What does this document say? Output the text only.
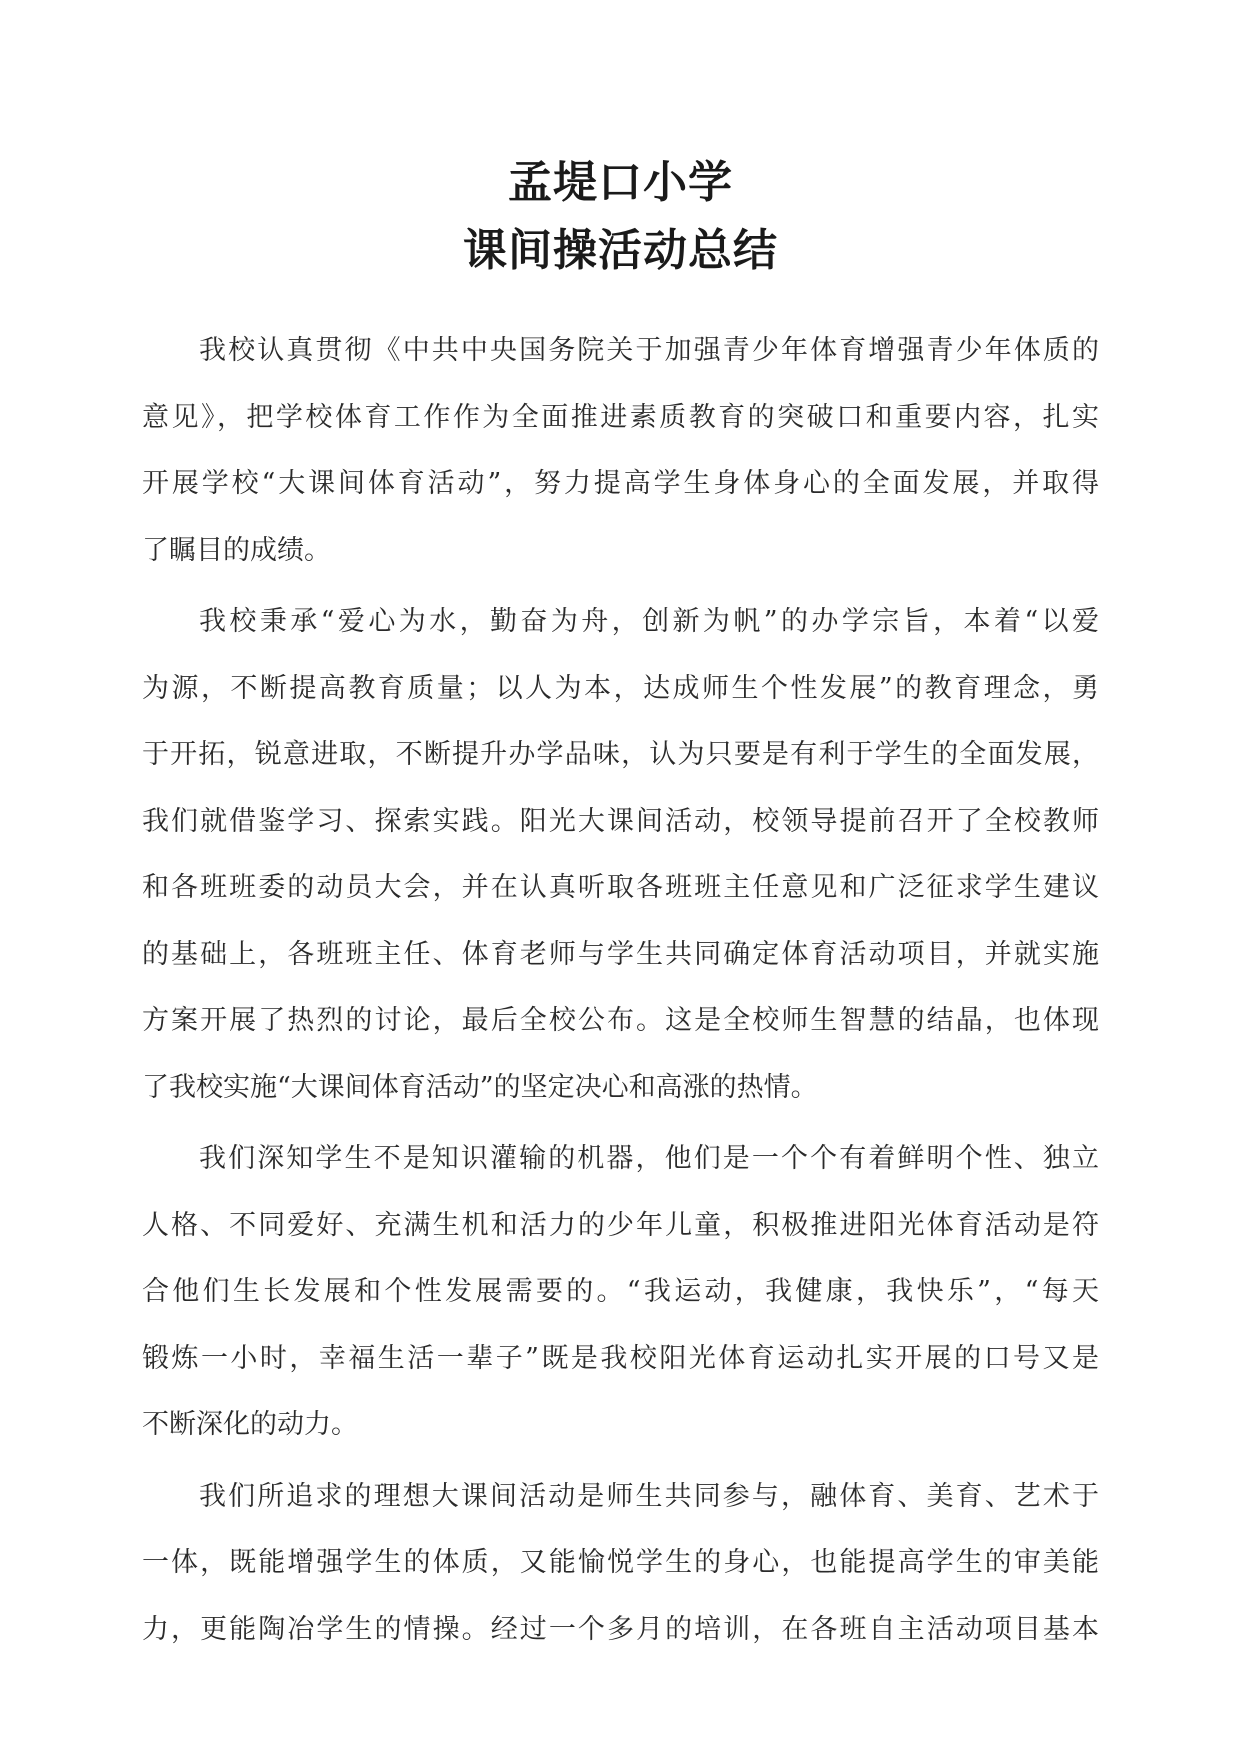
孟堤口小学
课间操活动总结
我校认真贯彻《中共中央国务院关于加强青少年体育增强青少年体质的
意见》，把学校体育工作作为全面推进素质教育的突破口和重要内容，扎实
开展学校“大课间体育活动”，努力提高学生身体身心的全面发展，并取得
了瞩目的成绩。
我校秉承“爱心为水，勤奋为舟，创新为帆”的办学宗旨，本着“以爱
为源，不断提高教育质量；以人为本，达成师生个性发展”的教育理念，勇
于开拓，锐意进取，不断提升办学品味，认为只要是有利于学生的全面发展，
我们就借鉴学习、探索实践。阳光大课间活动，校领导提前召开了全校教师
和各班班委的动员大会，并在认真听取各班班主任意见和广泛征求学生建议
的基础上，各班班主任、体育老师与学生共同确定体育活动项目，并就实施
方案开展了热烈的讨论，最后全校公布。这是全校师生智慧的结晶，也体现
了我校实施“大课间体育活动”的坚定决心和高涨的热情。
我们深知学生不是知识灌输的机器，他们是一个个有着鲜明个性、独立
人格、不同爱好、充满生机和活力的少年儿童，积极推进阳光体育活动是符
合他们生长发展和个性发展需要的。“我运动，我健康，我快乐”，“每天
锻炼一小时，幸福生活一辈子”既是我校阳光体育运动扎实开展的口号又是
不断深化的动力。
我们所追求的理想大课间活动是师生共同参与，融体育、美育、艺术于
一体，既能增强学生的体质，又能愉悦学生的身心，也能提高学生的审美能
力，更能陶冶学生的情操。经过一个多月的培训，在各班自主活动项目基本
